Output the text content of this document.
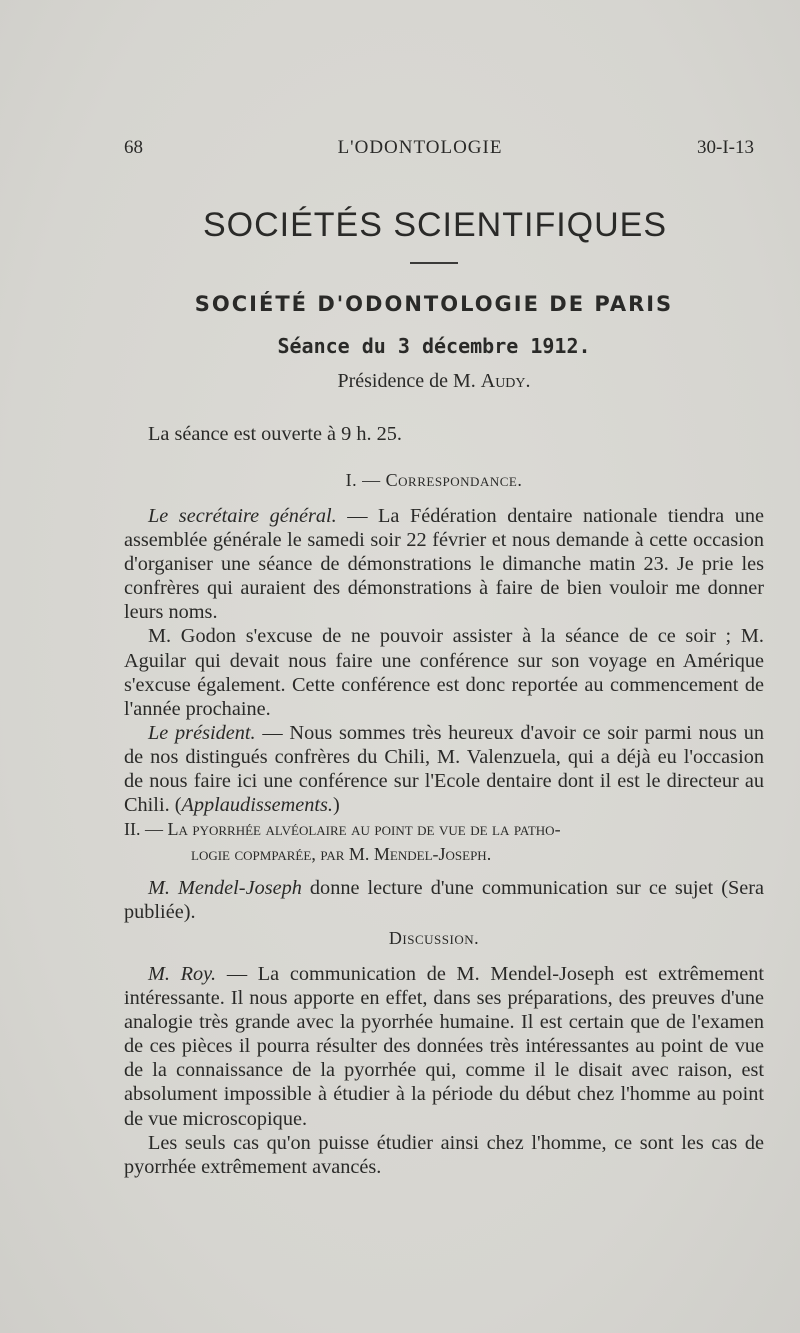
68	L'ODONTOLOGIE	30-I-13
SOCIÉTÉS SCIENTIFIQUES
SOCIÉTÉ D'ODONTOLOGIE DE PARIS
Séance du 3 décembre 1912.
Présidence de M. Audy.

La séance est ouverte à 9 h. 25.

I. — Correspondance.

Le secrétaire général. — La Fédération dentaire nationale tiendra une assemblée générale le samedi soir 22 février et nous demande à cette occasion d'organiser une séance de démonstrations le dimanche matin 23. Je prie les confrères qui auraient des démonstrations à faire de bien vouloir me donner leurs noms.

M. Godon s'excuse de ne pouvoir assister à la séance de ce soir ; M. Aguilar qui devait nous faire une conférence sur son voyage en Amérique s'excuse également. Cette conférence est donc reportée au commencement de l'année prochaine.

Le président. — Nous sommes très heureux d'avoir ce soir parmi nous un de nos distingués confrères du Chili, M. Valenzuela, qui a déjà eu l'occasion de nous faire ici une conférence sur l'Ecole dentaire dont il est le directeur au Chili. (Applaudissements.)

II. — La pyorrhée alvéolaire au point de vue de la patho-
logie copmparée, par M. Mendel-Joseph.

M. Mendel-Joseph donne lecture d'une communication sur ce sujet (Sera publiée).

Discussion.

M. Roy. — La communication de M. Mendel-Joseph est extrêmement intéressante. Il nous apporte en effet, dans ses préparations, des preuves d'une analogie très grande avec la pyorrhée humaine. Il est certain que de l'examen de ces pièces il pourra résulter des données très intéressantes au point de vue de la connaissance de la pyorrhée qui, comme il le disait avec raison, est absolument impossible à étudier à la période du début chez l'homme au point de vue microscopique.

Les seuls cas qu'on puisse étudier ainsi chez l'homme, ce sont les cas de pyorrhée extrêmement avancés.
